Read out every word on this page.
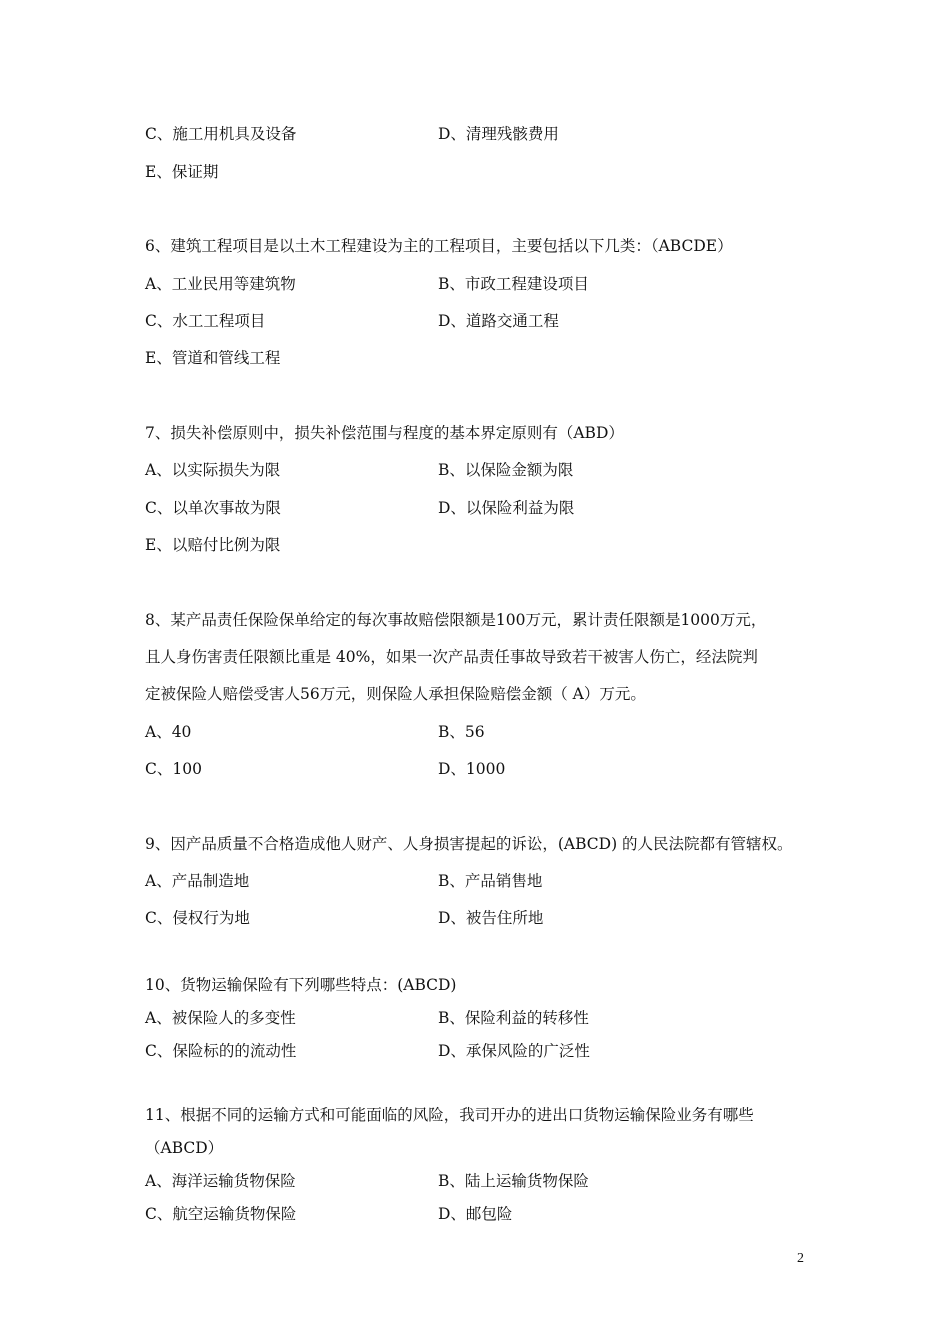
C、施工用机具及设备	D、清理残骸费用
E、保证期
6、建筑工程项目是以土木工程建设为主的工程项目，主要包括以下几类：（ABCDE）
A、工业民用等建筑物	B、市政工程建设项目
C、水工工程项目	D、道路交通工程
E、管道和管线工程
7、损失补偿原则中，损失补偿范围与程度的基本界定原则有（ABD）
A、以实际损失为限	B、以保险金额为限
C、以单次事故为限	D、以保险利益为限
E、以赔付比例为限
8、某产品责任保险保单给定的每次事故赔偿限额是100万元，累计责任限额是1000万元，
且人身伤害责任限额比重是 40%，如果一次产品责任事故导致若干被害人伤亡，经法院判
定被保险人赔偿受害人56万元，则保险人承担保险赔偿金额（ A）万元。
A、40	B、56
C、100	D、1000
9、因产品质量不合格造成他人财产、人身损害提起的诉讼，(ABCD) 的人民法院都有管辖权。
A、产品制造地	B、产品销售地
C、侵权行为地	D、被告住所地
10、货物运输保险有下列哪些特点：(ABCD)
A、被保险人的多变性	B、保险利益的转移性
C、保险标的的流动性	D、承保风险的广泛性
11、根据不同的运输方式和可能面临的风险，我司开办的进出口货物运输保险业务有哪些
（ABCD）
A、海洋运输货物保险	B、陆上运输货物保险
C、航空运输货物保险	D、邮包险
2
